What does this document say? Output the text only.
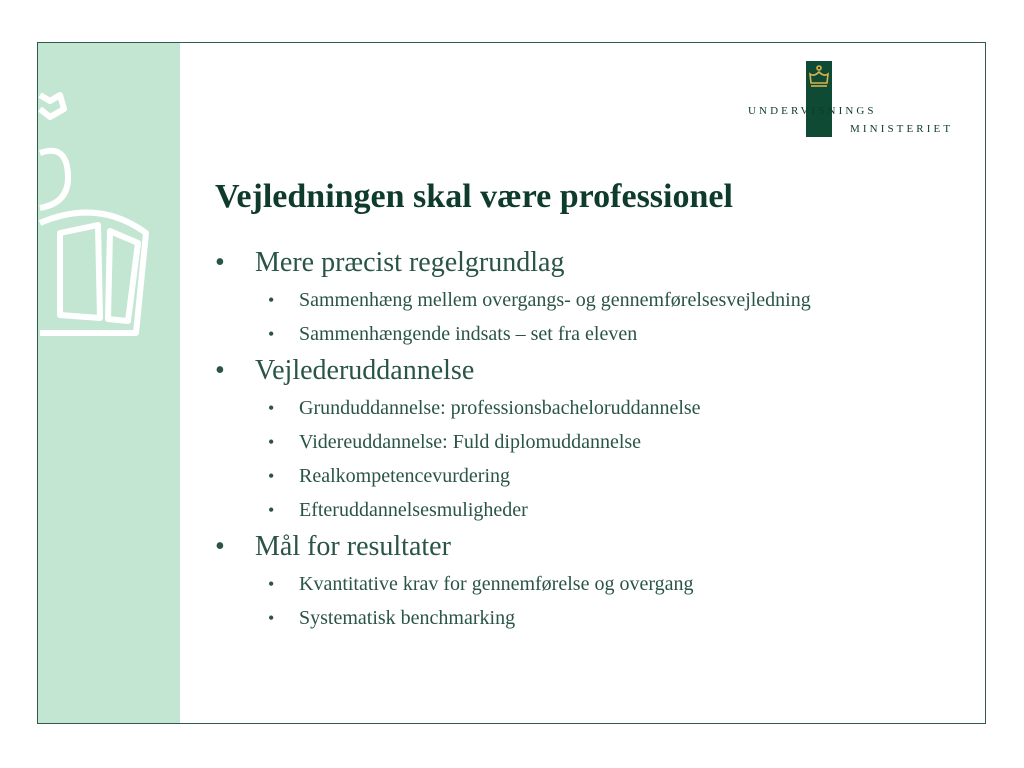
UNDERVISNINGS
MINISTERIET
Vejledningen skal være professionel
• Mere præcist regelgrundlag
• Sammenhæng mellem overgangs- og gennemførelsesvejledning
• Sammenhængende indsats – set fra eleven
• Vejlederuddannelse
• Grunduddannelse: professionsbacheloruddannelse
• Videreuddannelse: Fuld diplomuddannelse
• Realkompetencevurdering
• Efteruddannelsesmuligheder
• Mål for resultater
• Kvantitative krav for gennemførelse og overgang
• Systematisk benchmarking
